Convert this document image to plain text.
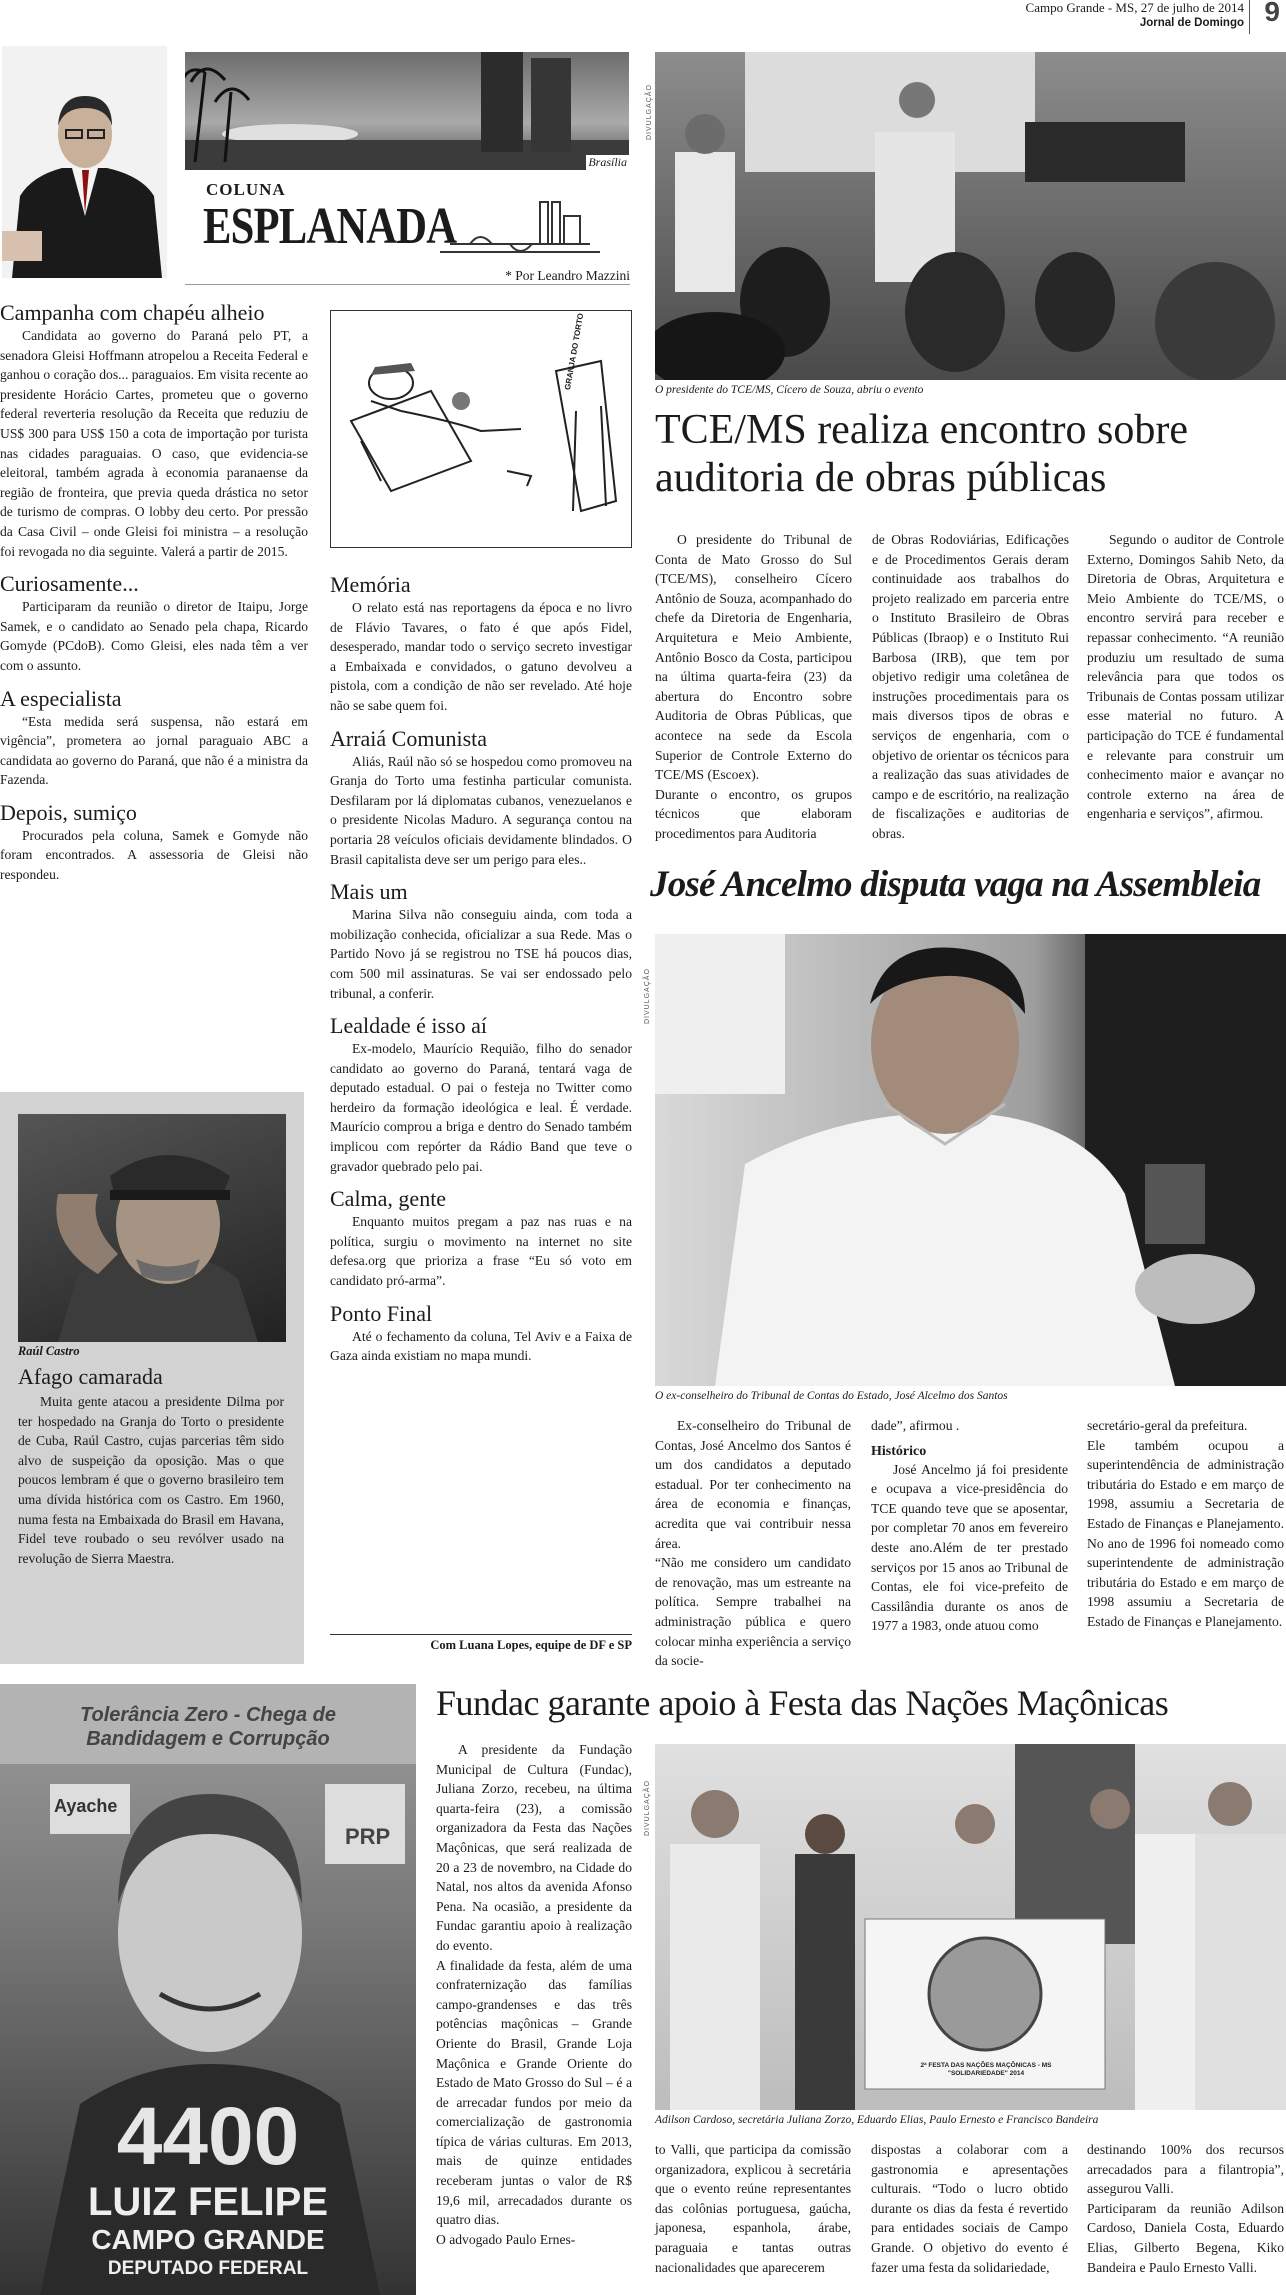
Campo Grande - MS, 27 de julho de 2014
Jornal de Domingo 9
Brasília
COLUNA
ESPLANADA
* Por Leandro Mazzini
Campanha com chapéu alheio

Candidata ao governo do Paraná pelo PT, a senadora Gleisi Hoffmann atropelou a Receita Federal e ganhou o coração dos... paraguaios. Em visita recente ao presidente Horácio Cartes, prometeu que o governo federal reverteria resolução da Receita que reduziu de US$ 300 para US$ 150 a cota de importação por turista nas cidades paraguaias. O caso, que evidencia-se eleitoral, também agrada à economia paranaense da região de fronteira, que previa queda drástica no setor de turismo de compras. O lobby deu certo. Por pressão da Casa Civil – onde Gleisi foi ministra – a resolução foi revogada no dia seguinte. Valerá a partir de 2015.

Curiosamente...

Participaram da reunião o diretor de Itaipu, Jorge Samek, e o candidato ao Senado pela chapa, Ricardo Gomyde (PCdoB). Como Gleisi, eles nada têm a ver com o assunto.

A especialista

“Esta medida será suspensa, não estará em vigência”, prometera ao jornal paraguaio ABC a candidata ao governo do Paraná, que não é a ministra da Fazenda.

Depois, sumiço

Procurados pela coluna, Samek e Gomyde não foram encontrados. A assessoria de Gleisi não respondeu.

Raúl Castro
Afago camarada

Muita gente atacou a presidente Dilma por ter hospedado na Granja do Torto o presidente de Cuba, Raúl Castro, cujas parcerias têm sido alvo de suspeição da oposição. Mas o que poucos lembram é que o governo brasileiro tem uma dívida histórica com os Castro. Em 1960, numa festa na Embaixada do Brasil em Havana, Fidel teve roubado o seu revólver usado na revolução de Sierra Maestra.

GRANJA DO TORTO
Memória

O relato está nas reportagens da época e no livro de Flávio Tavares, o fato é que após Fidel, desesperado, mandar todo o serviço secreto investigar a Embaixada e convidados, o gatuno devolveu a pistola, com a condição de não ser revelado. Até hoje não se sabe quem foi.

Arraiá Comunista

Aliás, Raúl não só se hospedou como promoveu na Granja do Torto uma festinha particular comunista. Desfilaram por lá diplomatas cubanos, venezuelanos e o presidente Nicolas Maduro. A segurança contou na portaria 28 veículos oficiais devidamente blindados. O Brasil capitalista deve ser um perigo para eles..

Mais um

Marina Silva não conseguiu ainda, com toda a mobilização conhecida, oficializar a sua Rede. Mas o Partido Novo já se registrou no TSE há poucos dias, com 500 mil assinaturas. Se vai ser endossado pelo tribunal, a conferir.

Lealdade é isso aí

Ex-modelo, Maurício Requião, filho do senador candidato ao governo do Paraná, tentará vaga de deputado estadual. O pai o festeja no Twitter como herdeiro da formação ideológica e leal. É verdade. Maurício comprou a briga e dentro do Senado também implicou com repórter da Rádio Band que teve o gravador quebrado pelo pai.

Calma, gente

Enquanto muitos pregam a paz nas ruas e na política, surgiu o movimento na internet no site defesa.org que prioriza a frase “Eu só voto em candidato pró-arma”.

Ponto Final

Até o fechamento da coluna, Tel Aviv e a Faixa de Gaza ainda existiam no mapa mundi.

Com Luana Lopes, equipe de DF e SP
DIVULGAÇÃO
O presidente do TCE/MS, Cícero de Souza, abriu o evento
TCE/MS realiza encontro sobre auditoria de obras públicas
O presidente do Tribunal de Conta de Mato Grosso do Sul (TCE/MS), conselheiro Cícero Antônio de Souza, acompanhado do chefe da Diretoria de Engenharia, Arquitetura e Meio Ambiente, Antônio Bosco da Costa, participou na última quarta-feira (23) da abertura do Encontro sobre Auditoria de Obras Públicas, que acontece na sede da Escola Superior de Controle Externo do TCE/MS (Escoex).
Durante o encontro, os grupos técnicos que elaboram procedimentos para Auditoria
de Obras Rodoviárias, Edificações e de Procedimentos Gerais deram continuidade aos trabalhos do projeto realizado em parceria entre o Instituto Brasileiro de Obras Públicas (Ibraop) e o Instituto Rui Barbosa (IRB), que tem por objetivo redigir uma coletânea de instruções procedimentais para os mais diversos tipos de obras e serviços de engenharia, com o objetivo de orientar os técnicos para a realização das suas atividades de campo e de escritório, na realização de fiscalizações e auditorias de obras.
Segundo o auditor de Controle Externo, Domingos Sahib Neto, da Diretoria de Obras, Arquitetura e Meio Ambiente do TCE/MS, o encontro servirá para receber e repassar conhecimento. “A reunião produziu um resultado de suma relevância para que todos os Tribunais de Contas possam utilizar esse material no futuro. A participação do TCE é fundamental e relevante para construir um conhecimento maior e avançar no controle externo na área de engenharia e serviços”, afirmou.
José Ancelmo disputa vaga na Assembleia
DIVULGAÇÃO
O ex-conselheiro do Tribunal de Contas do Estado, José Alcelmo dos Santos
Ex-conselheiro do Tribunal de Contas, José Ancelmo dos Santos é um dos candidatos a deputado estadual. Por ter conhecimento na área de economia e finanças, acredita que vai contribuir nessa área.
“Não me considero um candidato de renovação, mas um estreante na política. Sempre trabalhei na administração pública e quero colocar minha experiência a serviço da socie-
dade”, afirmou .
Histórico
José Ancelmo já foi presidente e ocupava a vice-presidência do TCE quando teve que se aposentar, por completar 70 anos em fevereiro deste ano.Além de ter prestado serviços por 15 anos ao Tribunal de Contas, ele foi vice-prefeito de Cassilândia durante os anos de 1977 a 1983, onde atuou como
secretário-geral da prefeitura.
Ele também ocupou a superintendência de administração tributária do Estado e em março de 1998, assumiu a Secretaria de Estado de Finanças e Planejamento. No ano de 1996 foi nomeado como superintendente de administração tributária do Estado e em março de 1998 assumiu a Secretaria de Estado de Finanças e Planejamento.
Tolerância Zero - Chega de
Bandidagem e Corrupção
Ayache
PRP
4400
LUIZ FELIPE
CAMPO GRANDE
DEPUTADO FEDERAL
Fundac garante apoio à Festa das Nações Maçônicas
A presidente da Fundação Municipal de Cultura (Fundac), Juliana Zorzo, recebeu, na última quarta-feira (23), a comissão organizadora da Festa das Nações Maçônicas, que será realizada de 20 a 23 de novembro, na Cidade do Natal, nos altos da avenida Afonso Pena. Na ocasião, a presidente da Fundac garantiu apoio à realização do evento.
A finalidade da festa, além de uma confraternização das famílias campo-grandenses e das três potências maçônicas – Grande Oriente do Brasil, Grande Loja Maçônica e Grande Oriente do Estado de Mato Grosso do Sul – é a de arrecadar fundos por meio da comercialização de gastronomia típica de várias culturas. Em 2013, mais de quinze entidades receberam juntas o valor de R$ 19,6 mil, arrecadados durante os quatro dias.
O advogado Paulo Ernes-
DIVULGAÇÃO
2ª FESTA DAS NAÇÕES MAÇÔNICAS - MS "SOLIDARIEDADE" 2014
Adilson Cardoso, secretária Juliana Zorzo, Eduardo Elias, Paulo Ernesto e Francisco Bandeira
to Valli, que participa da comissão organizadora, explicou à secretária que o evento reúne representantes das colônias portuguesa, gaúcha, japonesa, espanhola, árabe, paraguaia e tantas outras nacionalidades que aparecerem
dispostas a colaborar com a gastronomia e apresentações culturais. “Todo o lucro obtido durante os dias da festa é revertido para entidades sociais de Campo Grande. O objetivo do evento é fazer uma festa da solidariedade,
destinando 100% dos recursos arrecadados para a filantropia”, assegurou Valli.
Participaram da reunião Adilson Cardoso, Daniela Costa, Eduardo Elias, Gilberto Begena, Kiko Bandeira e Paulo Ernesto Valli.
